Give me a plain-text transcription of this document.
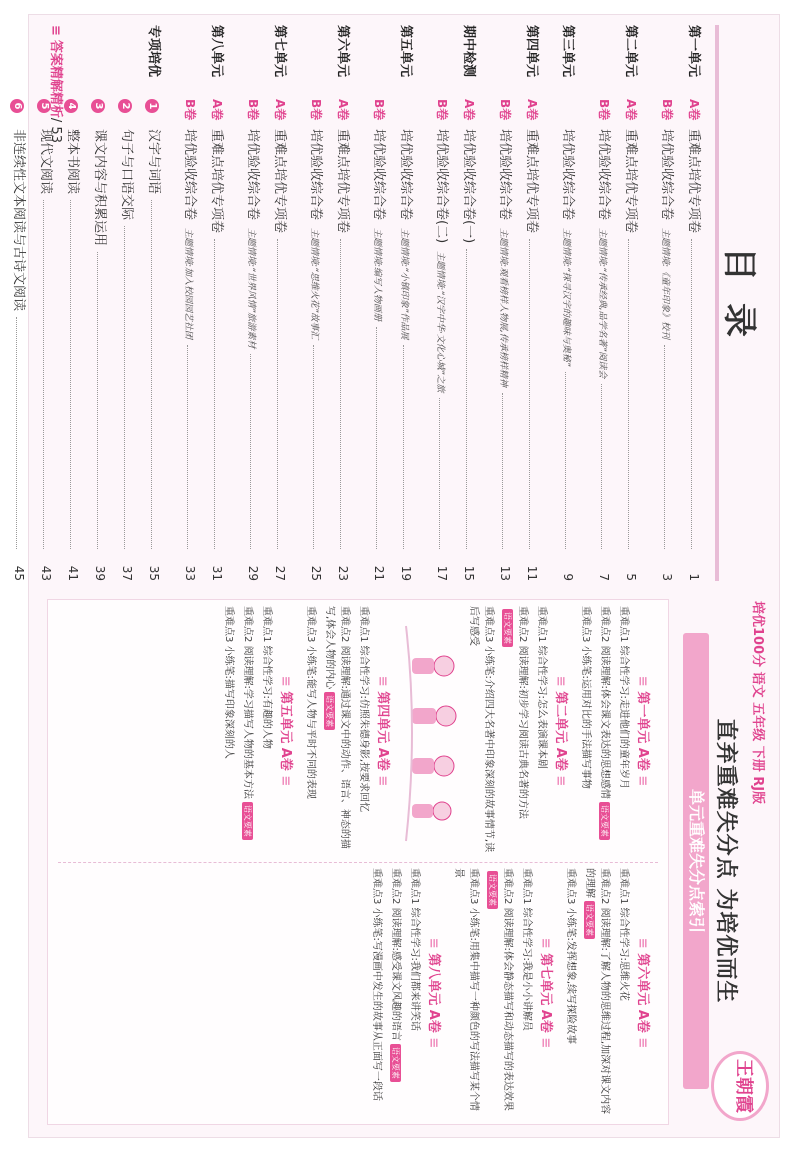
目录
第一单元
A卷
重难点培优专项卷
1
B卷
培优验收综合卷
主题情境:《童年印象》校刊
3
第二单元
A卷
重难点培优专项卷
5
B卷
培优验收综合卷
主题情境:“传承经典,品学名著”阅读会
7
第三单元
培优验收综合卷
主题情境:“探寻汉字的趣味与奥秘”
9
第四单元
A卷
重难点培优专项卷
11
B卷
培优验收综合卷
主题情境:观看榜样人物展,传承榜样精神
13
期中检测
A卷
培优验收综合卷(一)
15
B卷
培优验收综合卷(二)
主题情境:“汉字中华·文化心城”之旅
17
第五单元
培优验收综合卷
主题情境:“小镇印象”作品展
19
B卷
培优验收综合卷
主题情境:编写人物画册
21
第六单元
A卷
重难点培优专项卷
23
B卷
培优验收综合卷
主题情境:“思维火花”故事汇
25
第七单元
A卷
重难点培优专项卷
27
B卷
培优验收综合卷
主题情境:“世界风情”旅游素材
29
第八单元
A卷
重难点培优专项卷
31
B卷
培优验收综合卷
主题情境:加入校园园艺社团
33
专项培优
1
汉字与词语
35
2
句子与口语交际
37
3
课文内容与积累运用
39
4
整本书阅读
41
5
现代文阅读
43
6
非连续性文本阅读与古诗文阅读
45
≡答案精解精析/ 53
培优100分 语文 五年级 下册 RJ版
王朝霞
直弃重难失分点 为培优而生
单元重难失分点索引
≡ 第一单元 A卷 ≡
重难点1 综合性学习:走进他们的童年岁月
重难点2 阅读理解:体会课文表达的思想感情语文要素
重难点3 小练笔:运用对比的手法描写事物
≡ 第二单元 A卷 ≡
重难点1 综合性学习:怎么表演课本剧
重难点2 阅读理解:初步学习阅读古典名著的方法语文要素
重难点3 小练笔:介绍四大名著中印象深刻的故事情节,读后写感受
≡ 第四单元 A卷 ≡
重难点1 综合性学习:仿照朱德身影,按要求回忆
重难点2 阅读理解:通过课文中的动作、语言、神态的描写,体会人物的内心语文要素
重难点3 小练笔:能写人物与平时不同的表现
≡ 第五单元 A卷 ≡
重难点1 综合性学习:有趣的人物
重难点2 阅读理解:学习描写人物的基本方法语文要素
重难点3 小练笔:描写印象深刻的人
≡ 第六单元 A卷 ≡
重难点1 综合性学习:思维火花
重难点2 阅读理解:了解人物的思维过程,加深对课文内容的理解语文要素
重难点3 小练笔:发挥想象,续写探险故事
≡ 第七单元 A卷 ≡
重难点1 综合性学习:我是小小讲解员
重难点2 阅读理解:体会静态描写和动态描写的表达效果语文要素
重难点3 小练笔:用集中描写一种颜色的写法描写某个情景
≡ 第八单元 A卷 ≡
重难点1 综合性学习:我们都来讲笑话
重难点2 阅读理解:感受课文风趣的语言语文要素
重难点3 小练笔:写漫画中发生的故事从正面写一段话
